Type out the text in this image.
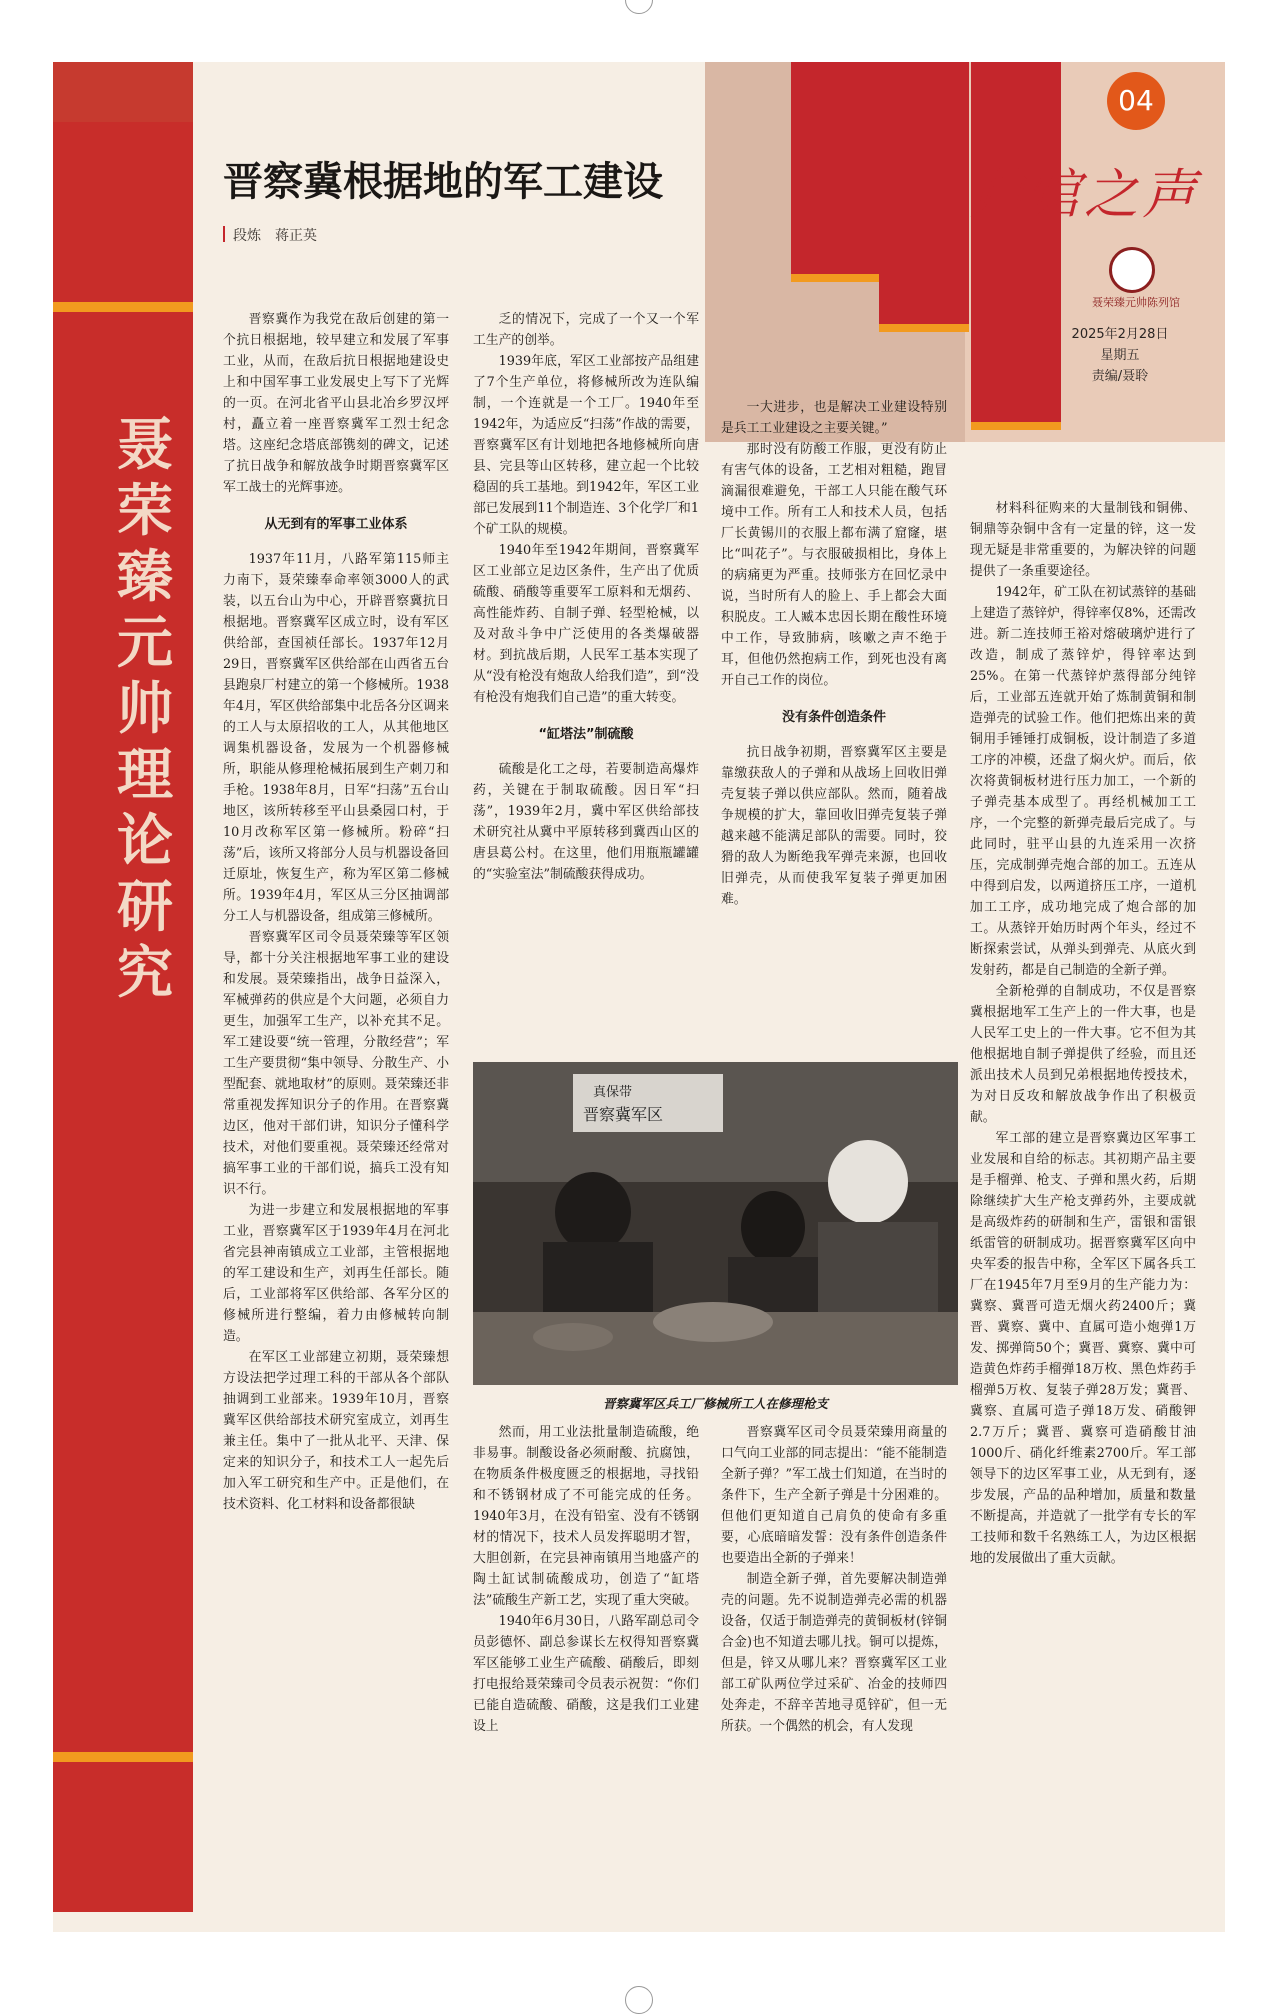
聂
荣
臻
元
帅
理
论
研
究
04
帅馆之声
聂荣臻元帅陈列馆
2025年2月28日
星期五
责编/聂聆
晋察冀根据地的军工建设
段炼　蒋正英

晋察冀作为我党在敌后创建的第一个抗日根据地，较早建立和发展了军事工业，从而，在敌后抗日根据地建设史上和中国军事工业发展史上写下了光辉的一页。在河北省平山县北冶乡罗汉坪村，矗立着一座晋察冀军工烈士纪念塔。这座纪念塔底部镌刻的碑文，记述了抗日战争和解放战争时期晋察冀军区军工战士的光辉事迹。

从无到有的军事工业体系

1937年11月，八路军第115师主力南下，聂荣臻奉命率领3000人的武装，以五台山为中心，开辟晋察冀抗日根据地。晋察冀军区成立时，设有军区供给部，查国祯任部长。1937年12月29日，晋察冀军区供给部在山西省五台县跑泉厂村建立的第一个修械所。1938年4月，军区供给部集中北岳各分区调来的工人与太原招收的工人，从其他地区调集机器设备，发展为一个机器修械所，职能从修理枪械拓展到生产刺刀和手枪。1938年8月，日军“扫荡”五台山地区，该所转移至平山县桑园口村，于10月改称军区第一修械所。粉碎“扫荡”后，该所又将部分人员与机器设备回迁原址，恢复生产，称为军区第二修械所。1939年4月，军区从三分区抽调部分工人与机器设备，组成第三修械所。

晋察冀军区司令员聂荣臻等军区领导，都十分关注根据地军事工业的建设和发展。聂荣臻指出，战争日益深入，军械弹药的供应是个大问题，必须自力更生，加强军工生产，以补充其不足。军工建设要“统一管理，分散经营”；军工生产要贯彻“集中领导、分散生产、小型配套、就地取材”的原则。聂荣臻还非常重视发挥知识分子的作用。在晋察冀边区，他对干部们讲，知识分子懂科学技术，对他们要重视。聂荣臻还经常对搞军事工业的干部们说，搞兵工没有知识不行。

为进一步建立和发展根据地的军事工业，晋察冀军区于1939年4月在河北省完县神南镇成立工业部，主管根据地的军工建设和生产，刘再生任部长。随后，工业部将军区供给部、各军分区的修械所进行整编，着力由修械转向制造。

在军区工业部建立初期，聂荣臻想方设法把学过理工科的干部从各个部队抽调到工业部来。1939年10月，晋察冀军区供给部技术研究室成立，刘再生兼主任。集中了一批从北平、天津、保定来的知识分子，和技术工人一起先后加入军工研究和生产中。正是他们，在技术资料、化工材料和设备都很缺

乏的情况下，完成了一个又一个军工生产的创举。

1939年底，军区工业部按产品组建了7个生产单位，将修械所改为连队编制，一个连就是一个工厂。1940年至1942年，为适应反“扫荡”作战的需要，晋察冀军区有计划地把各地修械所向唐县、完县等山区转移，建立起一个比较稳固的兵工基地。到1942年，军区工业部已发展到11个制造连、3个化学厂和1个矿工队的规模。

1940年至1942年期间，晋察冀军区工业部立足边区条件，生产出了优质硫酸、硝酸等重要军工原料和无烟药、高性能炸药、自制子弹、轻型枪械，以及对敌斗争中广泛使用的各类爆破器材。到抗战后期，人民军工基本实现了从“没有枪没有炮敌人给我们造”，到“没有枪没有炮我们自己造”的重大转变。

“缸塔法”制硫酸

硫酸是化工之母，若要制造高爆炸药，关键在于制取硫酸。因日军“扫荡”，1939年2月，冀中军区供给部技术研究社从冀中平原转移到冀西山区的唐县葛公村。在这里，他们用瓶瓶罐罐的“实验室法”制硫酸获得成功。

一大进步，也是解决工业建设特别是兵工工业建设之主要关键。”

那时没有防酸工作服，更没有防止有害气体的设备，工艺相对粗糙，跑冒滴漏很难避免，干部工人只能在酸气环境中工作。所有工人和技术人员，包括厂长黄锡川的衣服上都布满了窟窿，堪比“叫花子”。与衣服破损相比，身体上的病痛更为严重。技师张方在回忆录中说，当时所有人的脸上、手上都会大面积脱皮。工人臧本忠因长期在酸性环境中工作，导致肺病，咳嗽之声不绝于耳，但他仍然抱病工作，到死也没有离开自己工作的岗位。

没有条件创造条件

抗日战争初期，晋察冀军区主要是靠缴获敌人的子弹和从战场上回收旧弹壳复装子弹以供应部队。然而，随着战争规模的扩大，靠回收旧弹壳复装子弹越来越不能满足部队的需要。同时，狡猾的敌人为断绝我军弹壳来源，也回收旧弹壳，从而使我军复装子弹更加困难。

材料科征购来的大量制钱和铜佛、铜鼎等杂铜中含有一定量的锌，这一发现无疑是非常重要的，为解决锌的问题提供了一条重要途径。

1942年，矿工队在初试蒸锌的基础上建造了蒸锌炉，得锌率仅8%，还需改进。新二连技师王裕对熔破璃炉进行了改造，制成了蒸锌炉，得锌率达到25%。在第一代蒸锌炉蒸得部分纯锌后，工业部五连就开始了炼制黄铜和制造弹壳的试验工作。他们把炼出来的黄铜用手锤锤打成铜板，设计制造了多道工序的冲模，还盘了焖火炉。而后，依次将黄铜板材进行压力加工，一个新的子弹壳基本成型了。再经机械加工工序，一个完整的新弹壳最后完成了。与此同时，驻平山县的九连采用一次挤压，完成制弹壳炮合部的加工。五连从中得到启发，以两道挤压工序，一道机加工工序，成功地完成了炮合部的加工。从蒸锌开始历时两个年头，经过不断探索尝试，从弹头到弹壳、从底火到发射药，都是自己制造的全新子弹。

全新枪弹的自制成功，不仅是晋察冀根据地军工生产上的一件大事，也是人民军工史上的一件大事。它不但为其他根据地自制子弹提供了经验，而且还派出技术人员到兄弟根据地传授技术，为对日反攻和解放战争作出了积极贡献。

军工部的建立是晋察冀边区军事工业发展和自给的标志。其初期产品主要是手榴弹、枪支、子弹和黑火药，后期除继续扩大生产枪支弹药外，主要成就是高级炸药的研制和生产，雷银和雷银纸雷管的研制成功。据晋察冀军区向中央军委的报告中称，全军区下属各兵工厂在1945年7月至9月的生产能力为：冀察、冀晋可造无烟火药2400斤；冀晋、冀察、冀中、直属可造小炮弹1万发、掷弹筒50个；冀晋、冀察、冀中可造黄色炸药手榴弹18万枚、黑色炸药手榴弹5万枚、复装子弹28万发；冀晋、冀察、直属可造子弹18万发、硝酸钾2.7万斤；冀晋、冀察可造硝酸甘油1000斤、硝化纤维素2700斤。军工部领导下的边区军事工业，从无到有，逐步发展，产品的品种增加，质量和数量不断提高，并造就了一批学有专长的军工技师和数千名熟练工人，为边区根据地的发展做出了重大贡献。

然而，用工业法批量制造硫酸，绝非易事。制酸设备必须耐酸、抗腐蚀，在物质条件极度匮乏的根据地，寻找铅和不锈钢材成了不可能完成的任务。1940年3月，在没有铅室、没有不锈钢材的情况下，技术人员发挥聪明才智，大胆创新，在完县神南镇用当地盛产的陶土缸试制硫酸成功，创造了“缸塔法”硫酸生产新工艺，实现了重大突破。

1940年6月30日，八路军副总司令员彭德怀、副总参谋长左权得知晋察冀军区能够工业生产硫酸、硝酸后，即刻打电报给聂荣臻司令员表示祝贺：“你们已能自造硫酸、硝酸，这是我们工业建设上

晋察冀军区司令员聂荣臻用商量的口气向工业部的同志提出：“能不能制造全新子弹？”军工战士们知道，在当时的条件下，生产全新子弹是十分困难的。但他们更知道自己肩负的使命有多重要，心底暗暗发誓：没有条件创造条件也要造出全新的子弹来！

制造全新子弹，首先要解决制造弹壳的问题。先不说制造弹壳必需的机器设备，仅适于制造弹壳的黄铜板材(锌铜合金)也不知道去哪儿找。铜可以提炼，但是，锌又从哪儿来？晋察冀军区工业部工矿队两位学过采矿、冶金的技师四处奔走，不辞辛苦地寻觅锌矿，但一无所获。一个偶然的机会，有人发现

真保带
晋察冀军区
晋察冀军区兵工厂修械所工人在修理枪支
